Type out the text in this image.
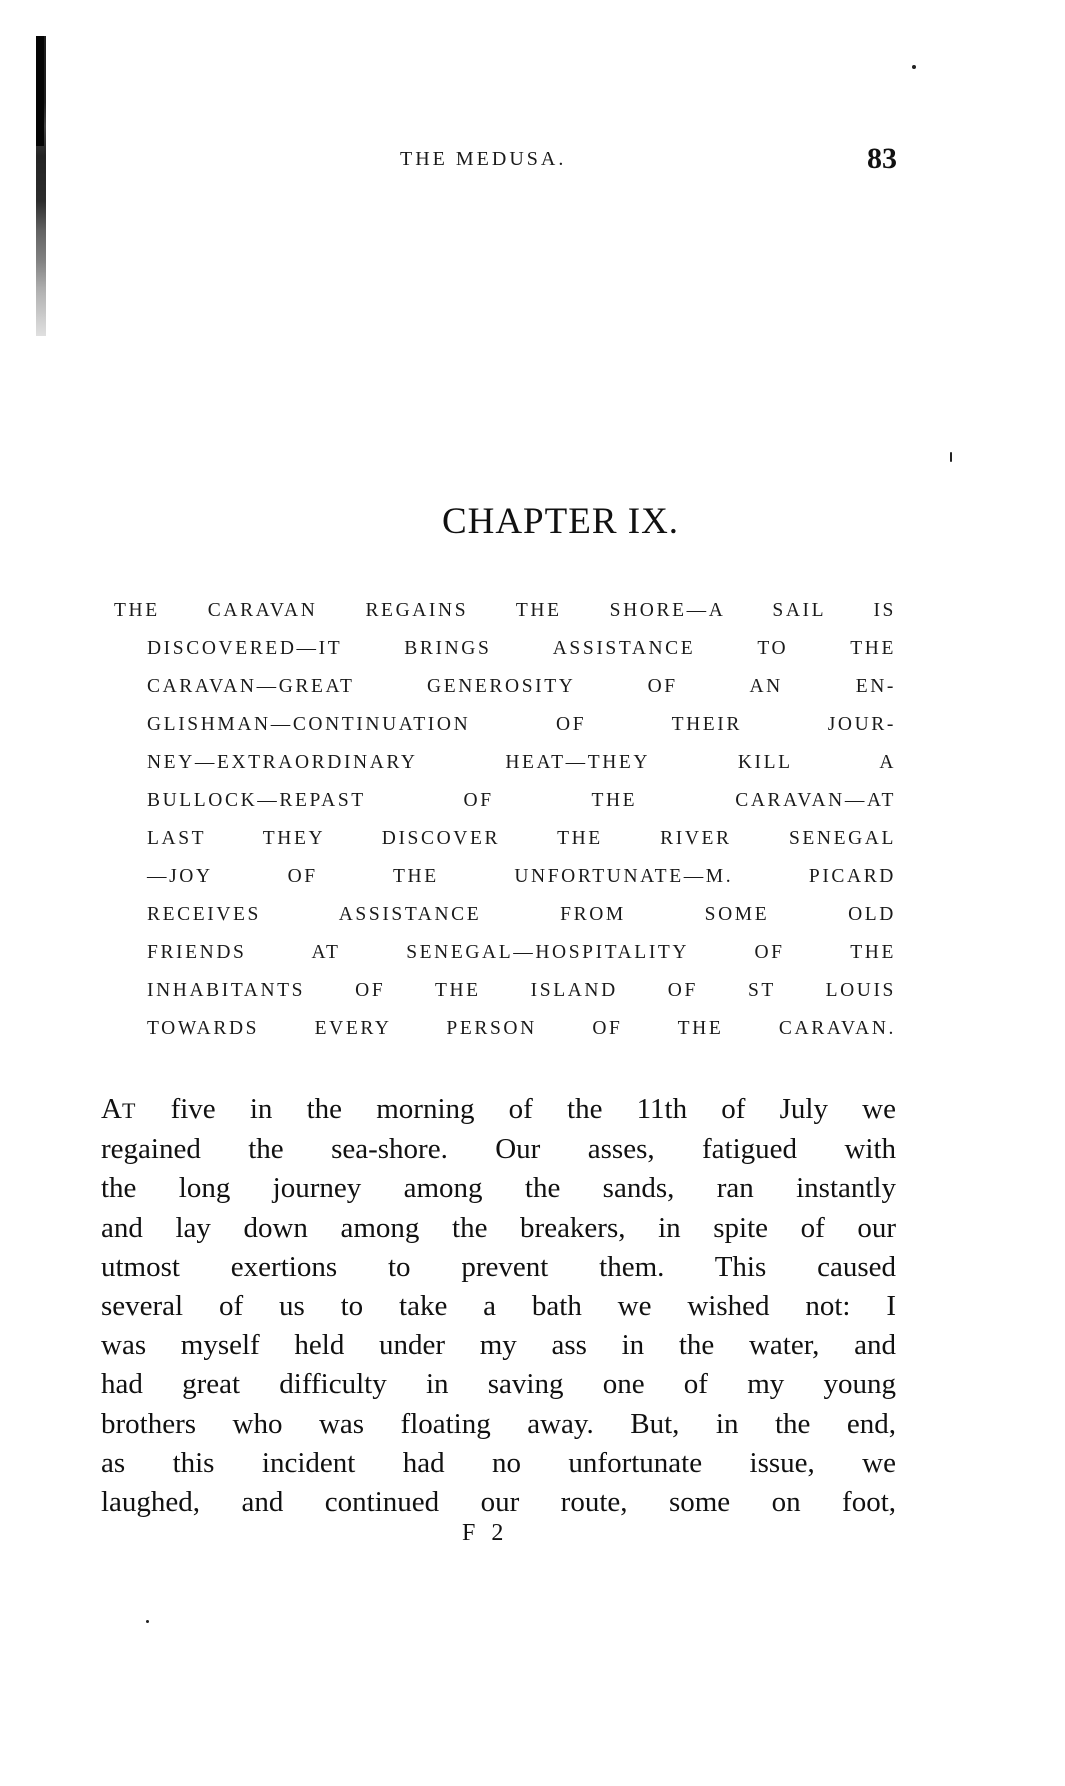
THE MEDUSA.	83
CHAPTER IX.
THE CARAVAN REGAINS THE SHORE—A SAIL IS
DISCOVERED—IT BRINGS ASSISTANCE TO THE
CARAVAN—GREAT GENEROSITY OF AN EN-
GLISHMAN—CONTINUATION OF THEIR JOUR-
NEY—EXTRAORDINARY HEAT—THEY KILL A
BULLOCK—REPAST OF THE CARAVAN—AT
LAST THEY DISCOVER THE RIVER SENEGAL
—JOY OF THE UNFORTUNATE—M. PICARD
RECEIVES ASSISTANCE FROM SOME OLD
FRIENDS AT SENEGAL—HOSPITALITY OF THE
INHABITANTS OF THE ISLAND OF ST LOUIS
TOWARDS EVERY PERSON OF THE CARAVAN.
AT five in the morning of the 11th of July we
regained the sea-shore. Our asses, fatigued with
the long journey among the sands, ran instantly
and lay down among the breakers, in spite of our
utmost exertions to prevent them. This caused
several of us to take a bath we wished not: I
was myself held under my ass in the water, and
had great difficulty in saving one of my young
brothers who was floating away. But, in the end,
as this incident had no unfortunate issue, we
laughed, and continued our route, some on foot,
F 2
